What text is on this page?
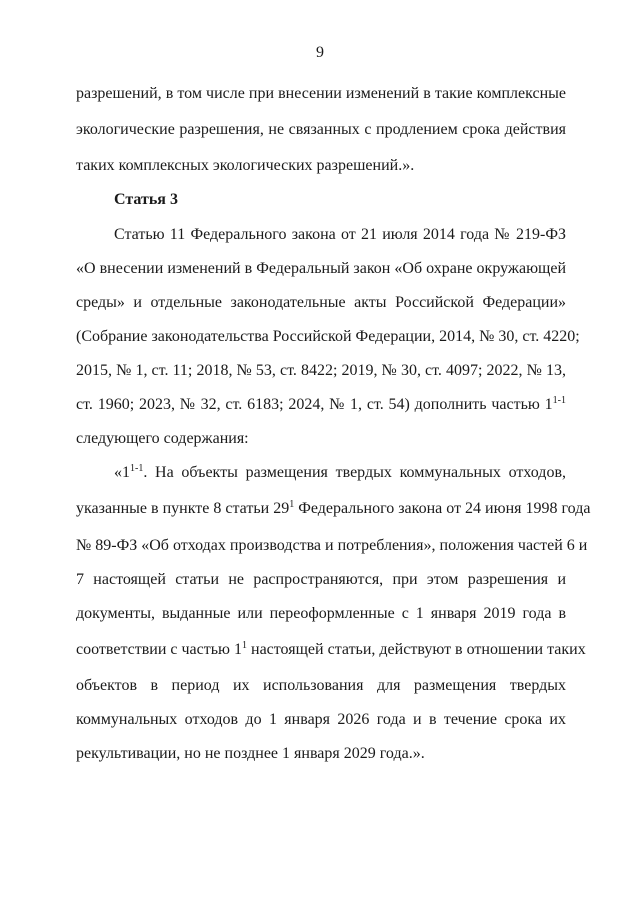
9
разрешений, в том числе при внесении изменений в такие комплексные
экологические разрешения, не связанных с продлением срока действия
таких комплексных экологических разрешений.».
Статья 3
Статью 11 Федерального закона от 21 июля 2014 года № 219-ФЗ
«О внесении изменений в Федеральный закон «Об охране окружающей
среды» и отдельные законодательные акты Российской Федерации»
(Собрание законодательства Российской Федерации, 2014, № 30, ст. 4220;
2015, № 1, ст. 11; 2018, № 53, ст. 8422; 2019, № 30, ст. 4097; 2022, № 13,
ст. 1960; 2023, № 32, ст. 6183; 2024, № 1, ст. 54) дополнить частью 1$^{1-1}$
следующего содержания:
«1$^{1-1}$. На объекты размещения твердых коммунальных отходов,
указанные в пункте 8 статьи $29^1$ Федерального закона от 24 июня 1998 года
№ 89-ФЗ «Об отходах производства и потребления», положения частей 6 и
7 настоящей статьи не распространяются, при этом разрешения и
документы, выданные или переоформленные с 1 января 2019 года в
соответствии с частью $1^1$ настоящей статьи, действуют в отношении таких
объектов в период их использования для размещения твердых
коммунальных отходов до 1 января 2026 года и в течение срока их
рекультивации, но не позднее 1 января 2029 года.».
